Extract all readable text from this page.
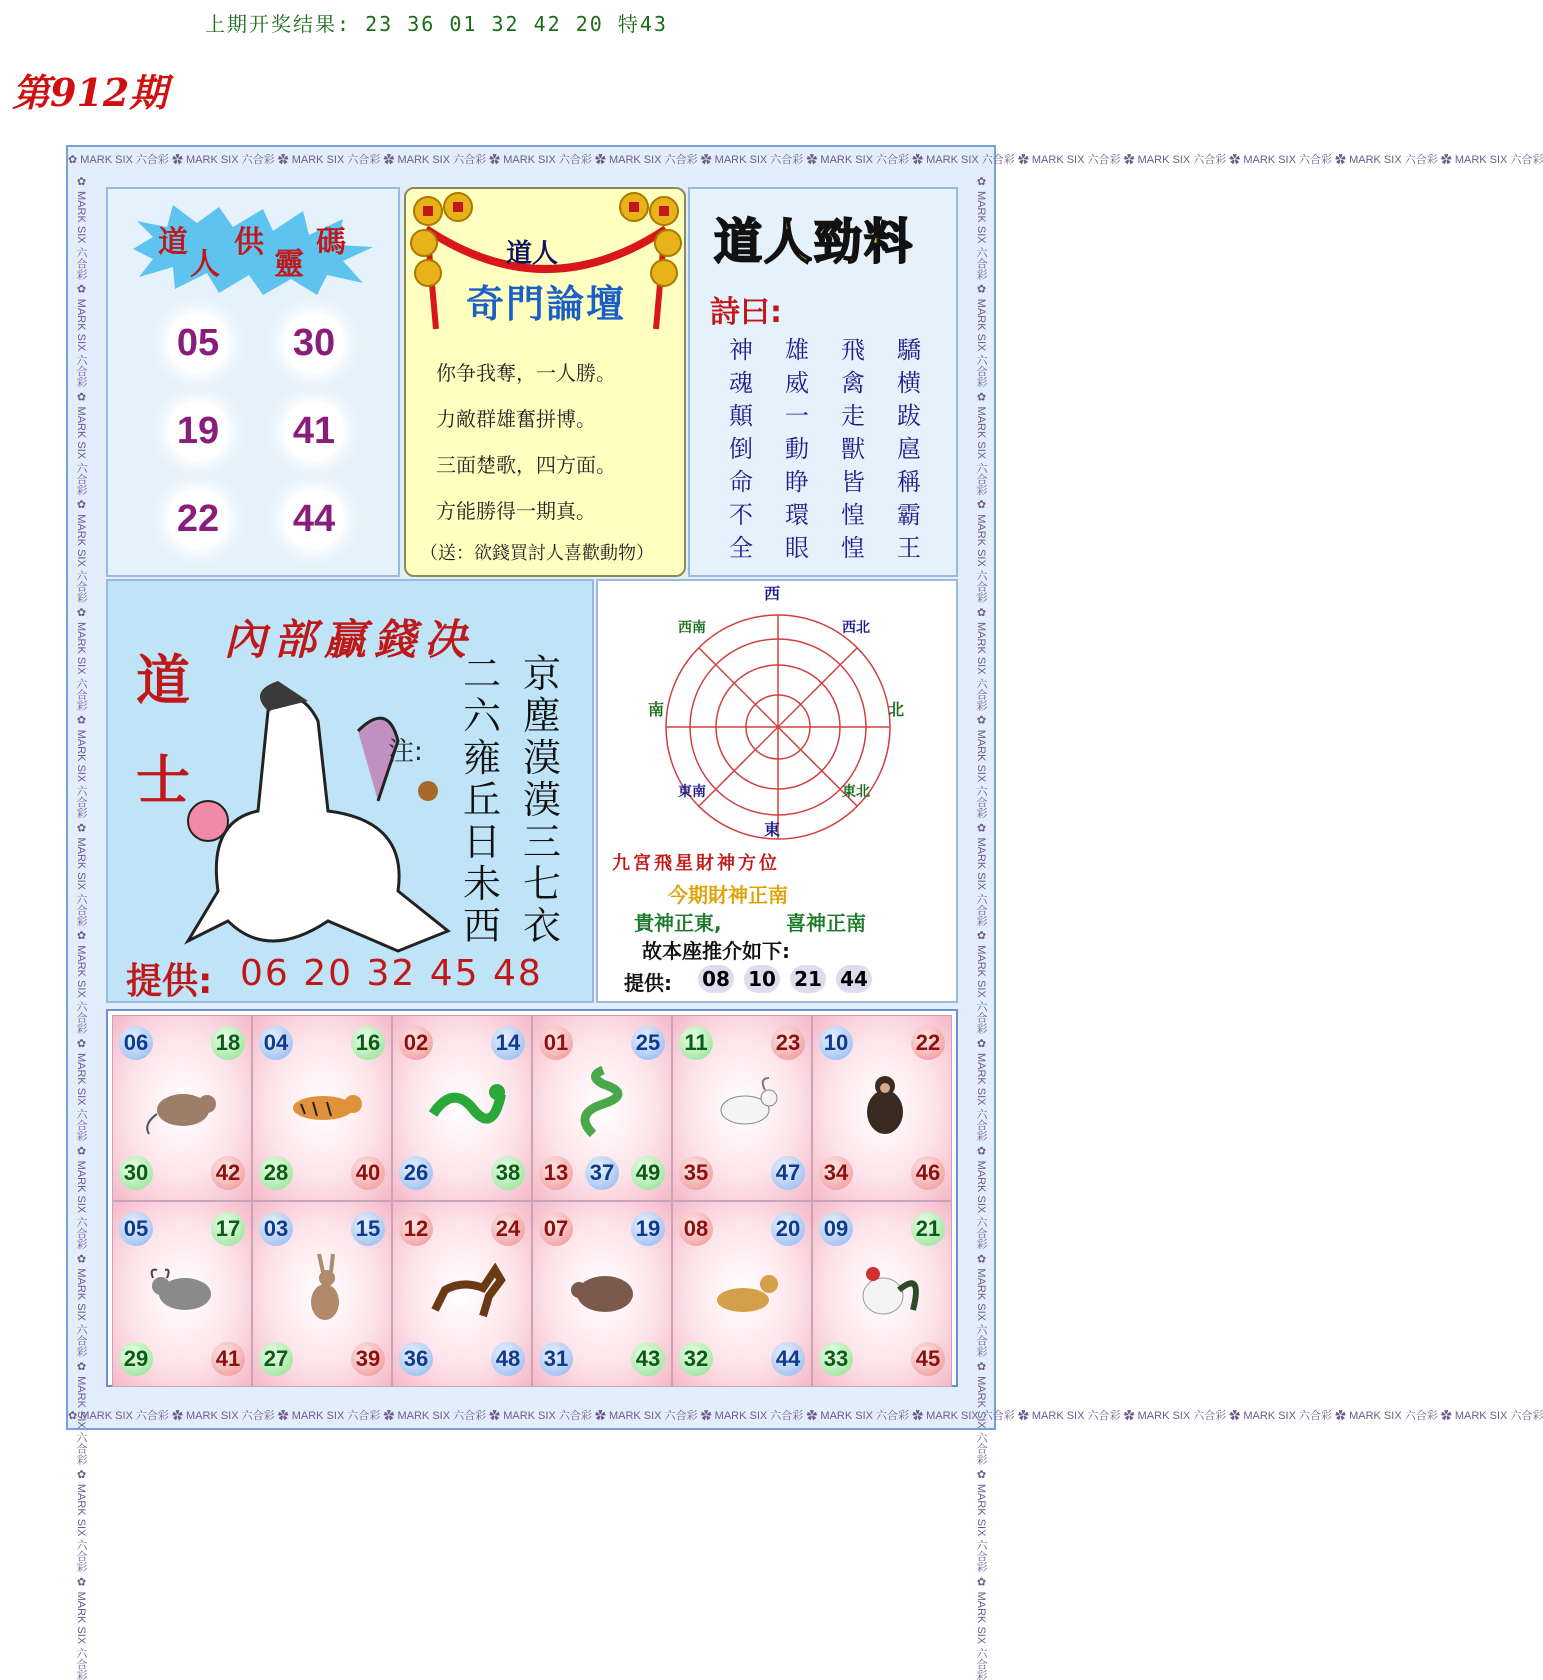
上期开奖结果: 23 36 01 32 42 20 特43
第912期
✿ MARK SIX 六合彩 ✿ MARK SIX 六合彩 ✿ MARK SIX 六合彩 ✿ MARK SIX 六合彩 ✿ MARK SIX 六合彩 ✿ MARK SIX 六合彩 ✿ MARK SIX 六合彩 ✿ MARK SIX 六合彩 ✿ MARK SIX 六合彩 ✿ MARK SIX 六合彩 ✿ MARK SIX 六合彩 ✿ MARK SIX 六合彩 ✿ MARK SIX 六合彩 ✿ MARK SIX 六合彩
✿ MARK SIX 六合彩 ✿ MARK SIX 六合彩 ✿ MARK SIX 六合彩 ✿ MARK SIX 六合彩 ✿ MARK SIX 六合彩 ✿ MARK SIX 六合彩 ✿ MARK SIX 六合彩 ✿ MARK SIX 六合彩 ✿ MARK SIX 六合彩 ✿ MARK SIX 六合彩 ✿ MARK SIX 六合彩 ✿ MARK SIX 六合彩 ✿ MARK SIX 六合彩 ✿ MARK SIX 六合彩
✿ MARK SIX 六合彩 ✿ MARK SIX 六合彩 ✿ MARK SIX 六合彩 ✿ MARK SIX 六合彩 ✿ MARK SIX 六合彩 ✿ MARK SIX 六合彩 ✿ MARK SIX 六合彩 ✿ MARK SIX 六合彩 ✿ MARK SIX 六合彩 ✿ MARK SIX 六合彩 ✿ MARK SIX 六合彩 ✿ MARK SIX 六合彩 ✿ MARK SIX 六合彩 ✿ MARK SIX 六合彩	✿ MARK SIX 六合彩 ✿ MARK SIX 六合彩 ✿ MARK SIX 六合彩 ✿ MARK SIX 六合彩 ✿ MARK SIX 六合彩 ✿ MARK SIX 六合彩 ✿ MARK SIX 六合彩 ✿ MARK SIX 六合彩 ✿ MARK SIX 六合彩 ✿ MARK SIX 六合彩 ✿ MARK SIX 六合彩 ✿ MARK SIX 六合彩 ✿ MARK SIX 六合彩 ✿ MARK SIX 六合彩
道
人
供
靈
碼
05 30
19 41
22 44
道人
奇門論壇
你争我奪，一人勝。
力敵群雄奮拼博。
三面楚歌，四方面。
方能勝得一期真。
（送：欲錢買討人喜歡動物）
道人勁料
詩曰:
神魂顛倒命不全
雄威一動睁環眼
飛禽走獸皆惶惶
驕横跋扈稱霸王
內部贏錢决
道士	注:
京塵漠漠三七衣
二六雍丘日未西
提供: 06 20 32 45 48
西
東
南	北
西南	西北
東南	東北
九宮飛星財神方位
今期財神正南
貴神正東,	喜神正南
故本座推介如下:
提供: 08 10 21 44
06	18
30	42
04	16
28	40
02	14
26	38
01	25
13	49
37
11	23
35	47
10	22
34	46
05	17
29	41
03	15
27	39
12	24
36	48
07	19
31	43
08	20
32	44
09	21
33	45
